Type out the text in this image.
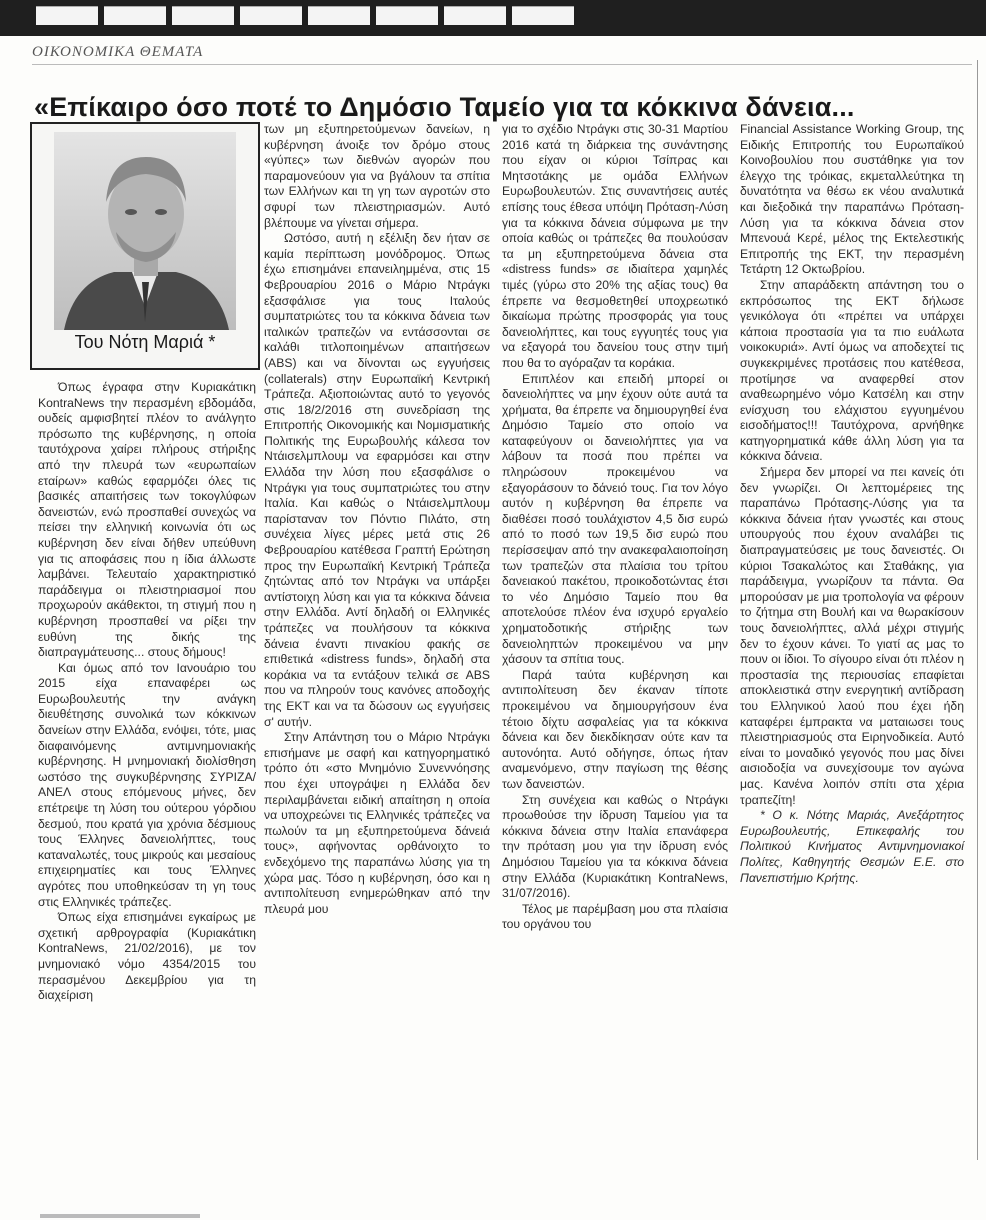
▬▬▬▬▬▬▬▬
ΟΙΚΟΝΟΜΙΚΑ ΘΕΜΑΤΑ
«Επίκαιρο όσο ποτέ το Δημόσιο Ταμείο για τα κόκκινα δάνεια...
Του Νότη Μαριά *

Όπως έγραφα στην Κυριακάτικη KontraNews την περασμένη εβδομάδα, ουδείς αμφισβητεί πλέον το ανάλγητο πρόσωπο της κυβέρνησης, η οποία ταυτόχρονα χαίρει πλήρους στήριξης από την πλευρά των «ευρωπαίων εταίρων» καθώς εφαρμόζει όλες τις βασικές απαιτήσεις των τοκογλύφων δανειστών, ενώ προσπαθεί συνεχώς να πείσει την ελληνική κοινωνία ότι ως κυβέρνηση δεν είναι δήθεν υπεύθυνη για τις αποφάσεις που η ίδια άλλωστε λαμβάνει. Τελευταίο χαρακτηριστικό παράδειγμα οι πλειστηριασμοί που προχωρούν ακάθεκτοι, τη στιγμή που η κυβέρνηση προσπαθεί να ρίξει την ευθύνη της δικής της διαπραγμάτευσης... στους δήμους!

Και όμως από τον Ιανουάριο του 2015 είχα επαναφέρει ως Ευρωβουλευτής την ανάγκη διευθέτησης συνολικά των κόκκινων δανείων στην Ελλάδα, ενόψει, τότε, μιας διαφαινόμενης αντιμνημονιακής κυβέρνησης. Η μνημονιακή διολίσθηση ωστόσο της συγκυβέρνησης ΣΥΡΙΖΑ/ΑΝΕΛ στους επόμενους μήνες, δεν επέτρεψε τη λύση του ούτερου γόρδιου δεσμού, που κρατά για χρόνια δέσμιους τους Έλληνες δανειολήπτες, τους καταναλωτές, τους μικρούς και μεσαίους επιχειρηματίες και τους Έλληνες αγρότες που υποθηκεύσαν τη γη τους στις Ελληνικές τράπεζες.

Όπως είχα επισημάνει εγκαίρως με σχετική αρθρογραφία (Κυριακάτικη KontraNews, 21/02/2016), με τον μνημονιακό νόμο 4354/2015 του περασμένου Δεκεμβρίου για τη διαχείριση

των μη εξυπηρετούμενων δανείων, η κυβέρνηση άνοιξε τον δρόμο στους «γύπες» των διεθνών αγορών που παραμονεύουν για να βγάλουν τα σπίτια των Ελλήνων και τη γη των αγροτών στο σφυρί των πλειστηριασμών. Αυτό βλέπουμε να γίνεται σήμερα.

Ωστόσο, αυτή η εξέλιξη δεν ήταν σε καμία περίπτωση μονόδρομος. Όπως έχω επισημάνει επανειλημμένα, στις 15 Φεβρουαρίου 2016 ο Μάριο Ντράγκι εξασφάλισε για τους Ιταλούς συμπατριώτες του τα κόκκινα δάνεια των ιταλικών τραπεζών να εντάσσονται σε καλάθι τιτλοποιημένων απαιτήσεων (ABS) και να δίνονται ως εγγυήσεις (collaterals) στην Ευρωπαϊκή Κεντρική Τράπεζα. Αξιοποιώντας αυτό το γεγονός στις 18/2/2016 στη συνεδρίαση της Επιτροπής Οικονομικής και Νομισματικής Πολιτικής της Ευρωβουλής κάλεσα τον Ντάισελμπλουμ να εφαρμόσει και στην Ελλάδα την λύση που εξασφάλισε ο Ντράγκι για τους συμπατριώτες του στην Ιταλία. Και καθώς ο Ντάισελμπλουμ παρίσταναν τον Πόντιο Πιλάτο, στη συνέχεια λίγες μέρες μετά στις 26 Φεβρουαρίου κατέθεσα Γραπτή Ερώτηση προς την Ευρωπαϊκή Κεντρική Τράπεζα ζητώντας από τον Ντράγκι να υπάρξει αντίστοιχη λύση και για τα κόκκινα δάνεια στην Ελλάδα. Αντί δηλαδή οι Ελληνικές τράπεζες να πουλήσουν τα κόκκινα δάνεια έναντι πινακίου φακής σε επιθετικά «distress funds», δηλαδή στα κοράκια να τα εντάξουν τελικά σε ABS που να πληρούν τους κανόνες αποδοχής της ΕΚΤ και να τα δώσουν ως εγγυήσεις σ' αυτήν.

Στην Απάντηση του ο Μάριο Ντράγκι επισήμανε με σαφή και κατηγορηματικό τρόπο ότι «στο Μνημόνιο Συνεννόησης που έχει υπογράψει η Ελλάδα δεν περιλαμβάνεται ειδική απαίτηση η οποία να υποχρεώνει τις Ελληνικές τράπεζες να πωλούν τα μη εξυπηρετούμενα δάνειά τους», αφήνοντας ορθάνοιχτο το ενδεχόμενο της παραπάνω λύσης για τη χώρα μας. Τόσο η κυβέρνηση, όσο και η αντιπολίτευση ενημερώθηκαν από την πλευρά μου

για το σχέδιο Ντράγκι στις 30-31 Μαρτίου 2016 κατά τη διάρκεια της συνάντησης που είχαν οι κύριοι Τσίπρας και Μητσοτάκης με ομάδα Ελλήνων Ευρωβουλευτών. Στις συναντήσεις αυτές επίσης τους έθεσα υπόψη Πρόταση-Λύση για τα κόκκινα δάνεια σύμφωνα με την οποία καθώς οι τράπεζες θα πουλούσαν τα μη εξυπηρετούμενα δάνεια στα «distress funds» σε ιδιαίτερα χαμηλές τιμές (γύρω στο 20% της αξίας τους) θα έπρεπε να θεσμοθετηθεί υποχρεωτικό δικαίωμα πρώτης προσφοράς για τους δανειολήπτες, και τους εγγυητές τους για να εξαγορά του δανείου τους στην τιμή που θα το αγόραζαν τα κοράκια.

Επιπλέον και επειδή μπορεί οι δανειολήπτες να μην έχουν ούτε αυτά τα χρήματα, θα έπρεπε να δημιουργηθεί ένα Δημόσιο Ταμείο στο οποίο να καταφεύγουν οι δανειολήπτες για να λάβουν τα ποσά που πρέπει να πληρώσουν προκειμένου να εξαγοράσουν το δάνειό τους. Για τον λόγο αυτόν η κυβέρνηση θα έπρεπε να διαθέσει ποσό τουλάχιστον 4,5 δισ ευρώ από το ποσό των 19,5 δισ ευρώ που περίσσεψαν από την ανακεφαλαιοποίηση των τραπεζών στα πλαίσια του τρίτου δανειακού πακέτου, προικοδοτώντας έτσι το νέο Δημόσιο Ταμείο που θα αποτελούσε πλέον ένα ισχυρό εργαλείο χρηματοδοτικής στήριξης των δανειοληπτών προκειμένου να μην χάσουν τα σπίτια τους.

Παρά ταύτα κυβέρνηση και αντιπολίτευση δεν έκαναν τίποτε προκειμένου να δημιουργήσουν ένα τέτοιο δίχτυ ασφαλείας για τα κόκκινα δάνεια και δεν διεκδίκησαν ούτε καν τα αυτονόητα. Αυτό οδήγησε, όπως ήταν αναμενόμενο, στην παγίωση της θέσης των δανειστών.

Στη συνέχεια και καθώς ο Ντράγκι προωθούσε την ίδρυση Ταμείου για τα κόκκινα δάνεια στην Ιταλία επανάφερα την πρόταση μου για την ίδρυση ενός Δημόσιου Ταμείου για τα κόκκινα δάνεια στην Ελλάδα (Κυριακάτικη KontraNews, 31/07/2016).

Τέλος με παρέμβαση μου στα πλαίσια του οργάνου του

Financial Assistance Working Group, της Ειδικής Επιτροπής του Ευρωπαϊκού Κοινοβουλίου που συστάθηκε για τον έλεγχο της τρόικας, εκμεταλλεύτηκα τη δυνατότητα να θέσω εκ νέου αναλυτικά και διεξοδικά την παραπάνω Πρόταση-Λύση για τα κόκκινα δάνεια στον Μπενουά Κερέ, μέλος της Εκτελεστικής Επιτροπής της ΕΚΤ, την περασμένη Τετάρτη 12 Οκτωβρίου.

Στην απαράδεκτη απάντηση του ο εκπρόσωπος της ΕΚΤ δήλωσε γενικόλογα ότι «πρέπει να υπάρχει κάποια προστασία για τα πιο ευάλωτα νοικοκυριά». Αντί όμως να αποδεχτεί τις συγκεκριμένες προτάσεις που κατέθεσα, προτίμησε να αναφερθεί στον αναθεωρημένο νόμο Κατσέλη και στην ενίσχυση του ελάχιστου εγγυημένου εισοδήματος!!! Ταυτόχρονα, αρνήθηκε κατηγορηματικά κάθε άλλη λύση για τα κόκκινα δάνεια.

Σήμερα δεν μπορεί να πει κανείς ότι δεν γνωρίζει. Οι λεπτομέρειες της παραπάνω Πρότασης-Λύσης για τα κόκκινα δάνεια ήταν γνωστές και στους υπουργούς που έχουν αναλάβει τις διαπραγματεύσεις με τους δανειστές. Οι κύριοι Τσακαλώτος και Σταθάκης, για παράδειγμα, γνωρίζουν τα πάντα. Θα μπορούσαν με μια τροπολογία να φέρουν το ζήτημα στη Βουλή και να θωρακίσουν τους δανειολήπτες, αλλά μέχρι στιγμής δεν το έχουν κάνει. Το γιατί ας μας το πουν οι ίδιοι. Το σίγουρο είναι ότι πλέον η προστασία της περιουσίας επαφίεται αποκλειστικά στην ενεργητική αντίδραση του Ελληνικού λαού που έχει ήδη καταφέρει έμπρακτα να ματαιωσει τους πλειστηριασμούς στα Ειρηνοδικεία. Αυτό είναι το μοναδικό γεγονός που μας δίνει αισιοδοξία να συνεχίσουμε τον αγώνα μας. Κανένα λοιπόν σπίτι στα χέρια τραπεζίτη!

* Ο κ. Νότης Μαριάς, Ανεξάρτητος Ευρωβουλευτής, Επικεφαλής του Πολιτικού Κινήματος Αντιμνημονιακοί Πολίτες, Καθηγητής Θεσμών Ε.Ε. στο Πανεπιστήμιο Κρήτης.
